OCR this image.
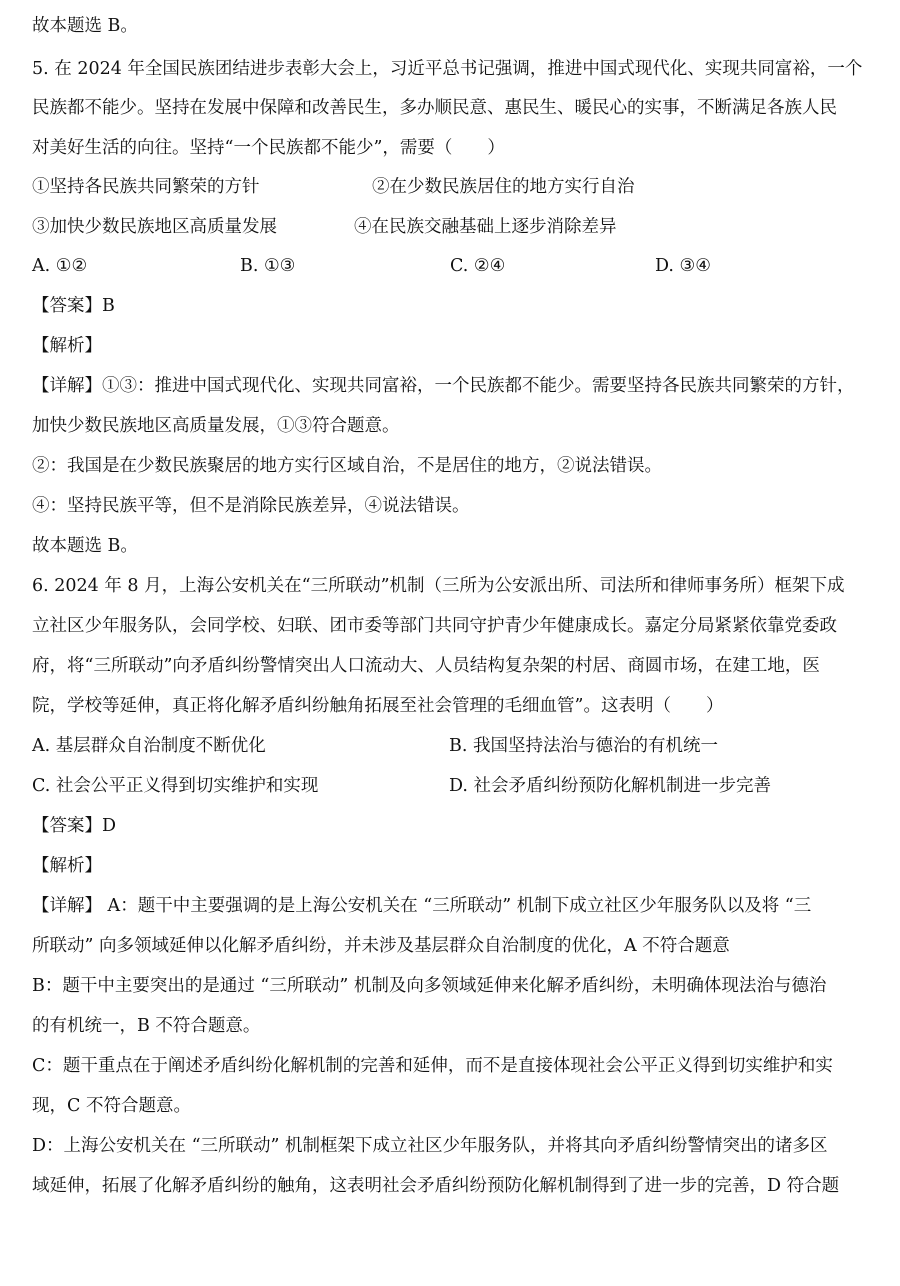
故本题选 B。
5. 在 2024 年全国民族团结进步表彰大会上，习近平总书记强调，推进中国式现代化、实现共同富裕，一个
民族都不能少。坚持在发展中保障和改善民生，多办顺民意、惠民生、暖民心的实事，不断满足各族人民
对美好生活的向往。坚持“一个民族都不能少”，需要（　　）
①坚持各民族共同繁荣的方针	②在少数民族居住的地方实行自治
③加快少数民族地区高质量发展	④在民族交融基础上逐步消除差异
A. ①②	B. ①③	C. ②④	D. ③④
【答案】B
【解析】
【详解】①③：推进中国式现代化、实现共同富裕，一个民族都不能少。需要坚持各民族共同繁荣的方针，
加快少数民族地区高质量发展，①③符合题意。
②：我国是在少数民族聚居的地方实行区域自治，不是居住的地方，②说法错误。
④：坚持民族平等，但不是消除民族差异，④说法错误。
故本题选 B。
6. 2024 年 8 月，上海公安机关在“三所联动”机制（三所为公安派出所、司法所和律师事务所）框架下成
立社区少年服务队，会同学校、妇联、团市委等部门共同守护青少年健康成长。嘉定分局紧紧依靠党委政
府，将“三所联动”向矛盾纠纷警情突出人口流动大、人员结构复杂架的村居、商圆市场，在建工地，医
院，学校等延伸，真正将化解矛盾纠纷触角拓展至社会管理的毛细血管”。这表明（　　）
A. 基层群众自治制度不断优化	B. 我国坚持法治与德治的有机统一
C. 社会公平正义得到切实维护和实现	D. 社会矛盾纠纷预防化解机制进一步完善
【答案】D
【解析】
【详解】 A：题干中主要强调的是上海公安机关在 “三所联动” 机制下成立社区少年服务队以及将 “三
所联动” 向多领域延伸以化解矛盾纠纷，并未涉及基层群众自治制度的优化，A 不符合题意
B：题干中主要突出的是通过 “三所联动” 机制及向多领域延伸来化解矛盾纠纷，未明确体现法治与德治
的有机统一，B 不符合题意。
C：题干重点在于阐述矛盾纠纷化解机制的完善和延伸，而不是直接体现社会公平正义得到切实维护和实
现，C 不符合题意。
D：上海公安机关在 “三所联动” 机制框架下成立社区少年服务队，并将其向矛盾纠纷警情突出的诸多区
域延伸，拓展了化解矛盾纠纷的触角，这表明社会矛盾纠纷预防化解机制得到了进一步的完善，D 符合题
